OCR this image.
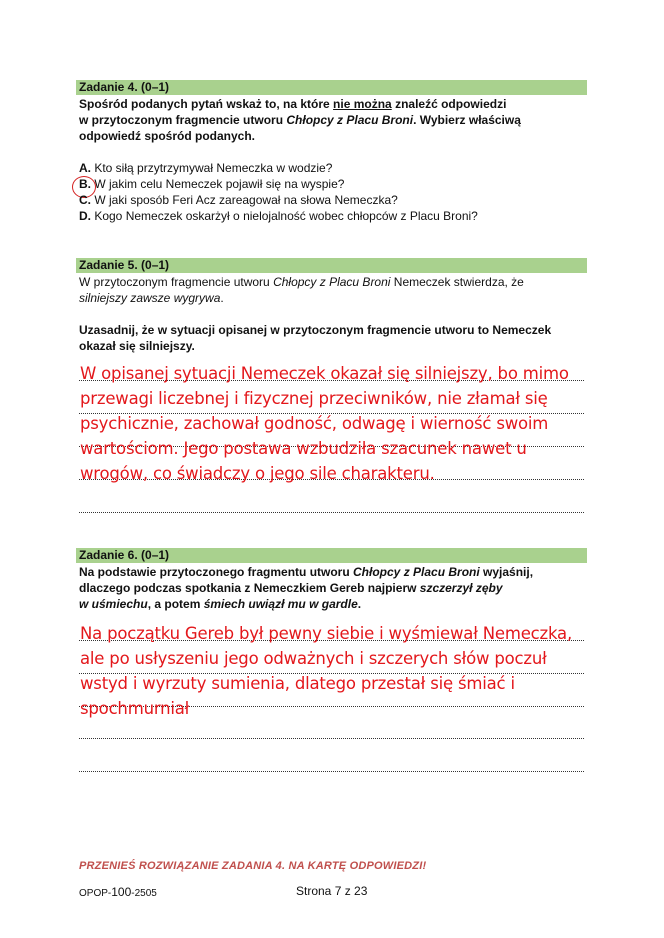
Zadanie 4. (0–1)
Spośród podanych pytań wskaż to, na które nie można znaleźć odpowiedzi
w przytoczonym fragmencie utworu Chłopcy z Placu Broni. Wybierz właściwą
odpowiedź spośród podanych.
A. Kto siłą przytrzymywał Nemeczka w wodzie?
B. W jakim celu Nemeczek pojawił się na wyspie?
C. W jaki sposób Feri Acz zareagował na słowa Nemeczka?
D. Kogo Nemeczek oskarżył o nielojalność wobec chłopców z Placu Broni?
Zadanie 5. (0–1)
W przytoczonym fragmencie utworu Chłopcy z Placu Broni Nemeczek stwierdza, że
silniejszy zawsze wygrywa.
Uzasadnij, że w sytuacji opisanej w przytoczonym fragmencie utworu to Nemeczek
okazał się silniejszy.
W opisanej sytuacji Nemeczek okazał się silniejszy, bo mimo
przewagi liczebnej i fizycznej przeciwników, nie złamał się
psychicznie, zachował godność, odwagę i wierność swoim
wartościom. Jego postawa wzbudziła szacunek nawet u
wrogów, co świadczy o jego sile charakteru.
Zadanie 6. (0–1)
Na podstawie przytoczonego fragmentu utworu Chłopcy z Placu Broni wyjaśnij,
dlaczego podczas spotkania z Nemeczkiem Gereb najpierw szczerzył zęby
w uśmiechu, a potem śmiech uwiązł mu w gardle.
Na początku Gereb był pewny siebie i wyśmiewał Nemeczka,
ale po usłyszeniu jego odważnych i szczerych słów poczuł
wstyd i wyrzuty sumienia, dlatego przestał się śmiać i
spochmurniał
PRZENIEŚ ROZWIĄZANIE ZADANIA 4. NA KARTĘ ODPOWIEDZI!
OPOP-100-2505	Strona 7 z 23
